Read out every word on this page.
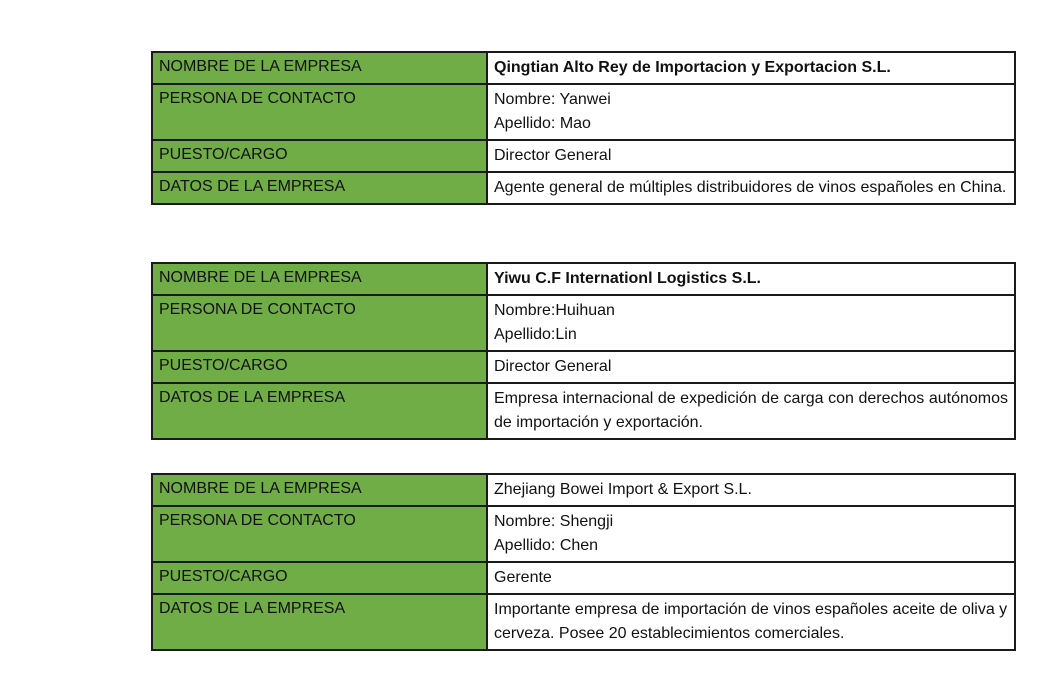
NOMBRE DE LA EMPRESA	Qingtian Alto Rey de Importacion y Exportacion S.L.
PERSONA DE CONTACTO	Nombre: Yanwei
Apellido: Mao

PUESTO/CARGO	Director General
DATOS DE LA EMPRESA	Agente general de múltiples distribuidores de vinos españoles en China.
NOMBRE DE LA EMPRESA	Yiwu C.F Internationl Logistics S.L.
PERSONA DE CONTACTO	Nombre:Huihuan
Apellido:Lin

PUESTO/CARGO	Director General
DATOS DE LA EMPRESA	Empresa internacional de expedición de carga con derechos autónomos de importación y exportación.
NOMBRE DE LA EMPRESA	Zhejiang Bowei Import & Export S.L.
PERSONA DE CONTACTO	Nombre: Shengji
Apellido: Chen

PUESTO/CARGO	Gerente
DATOS DE LA EMPRESA	Importante empresa de importación de vinos españoles aceite de oliva y cerveza. Posee 20 establecimientos comerciales.
